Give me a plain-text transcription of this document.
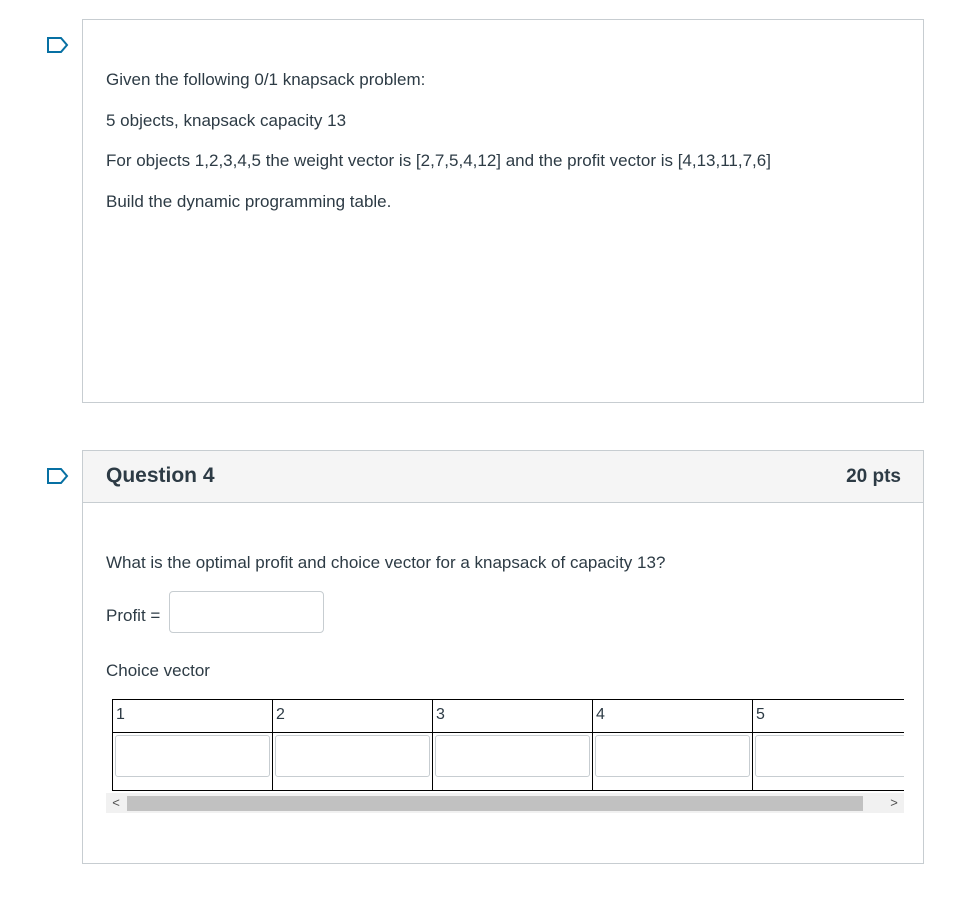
Given the following 0/1 knapsack problem:
5 objects, knapsack capacity 13
For objects 1,2,3,4,5 the weight vector is [2,7,5,4,12] and the profit vector is [4,13,11,7,6]
Build the dynamic programming table.
Question 4	20 pts
What is the optimal profit and choice vector for a knapsack of capacity 13?
Profit =
Choice vector
1	2	3	4	5

<	>
